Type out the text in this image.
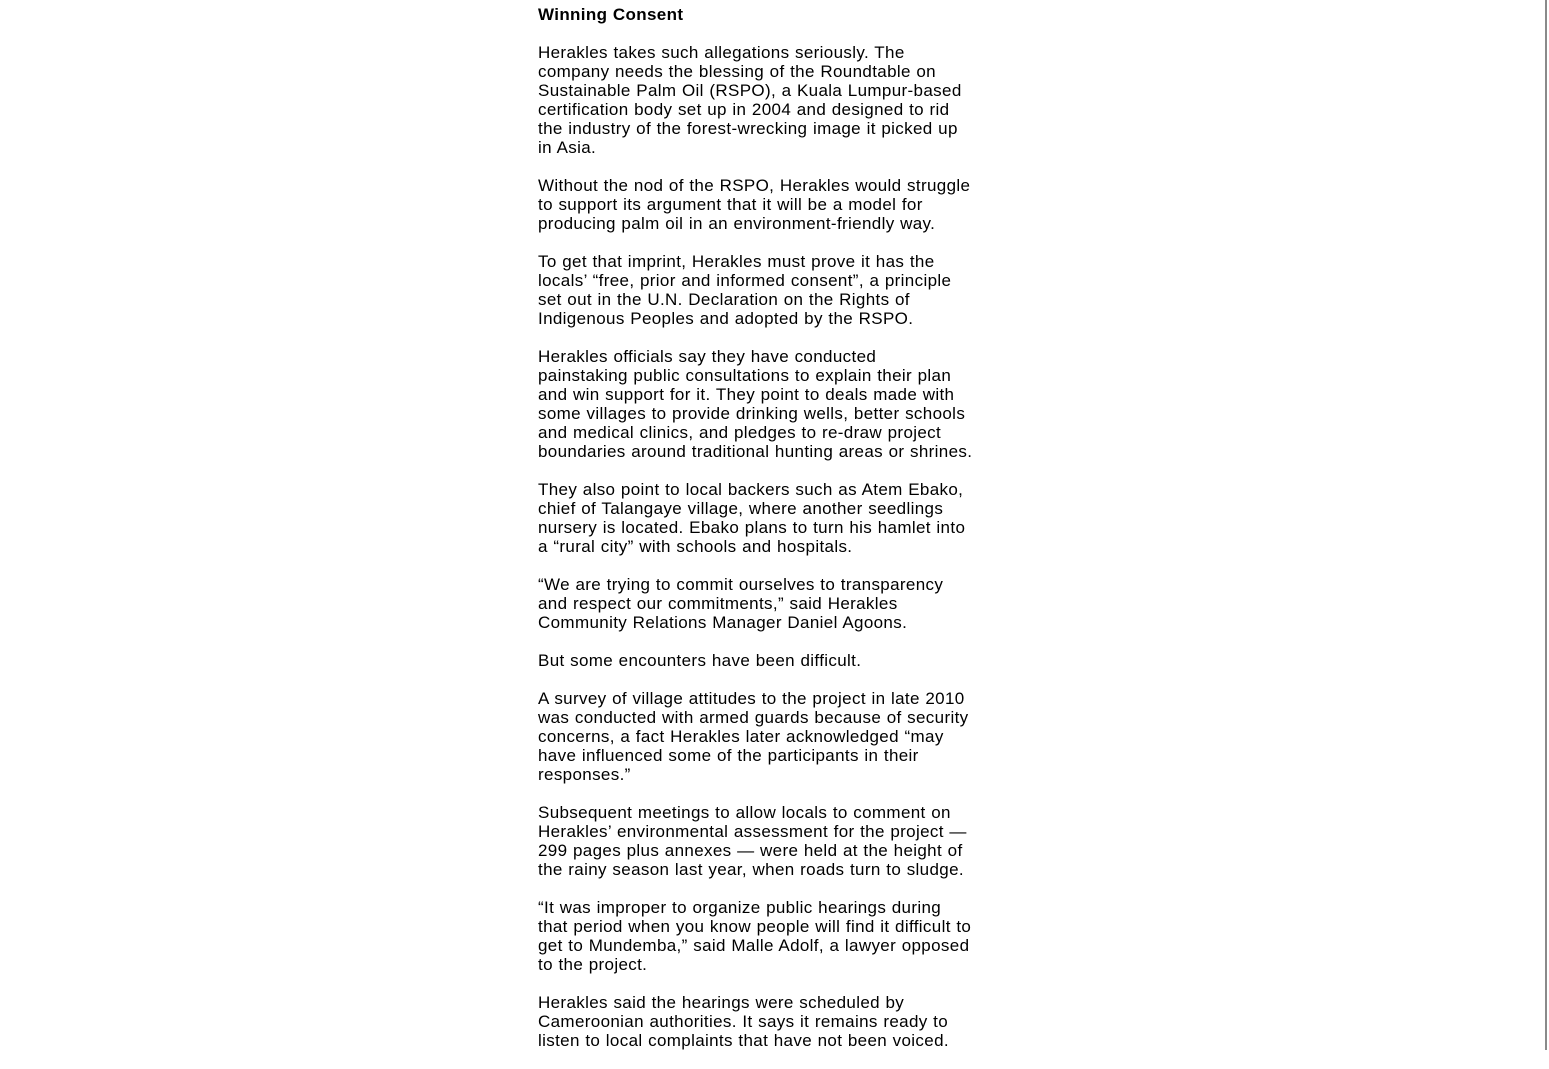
Winning Consent
Herakles takes such allegations seriously. The
company needs the blessing of the Roundtable on
Sustainable Palm Oil (RSPO), a Kuala Lumpur-based
certification body set up in 2004 and designed to rid
the industry of the forest-wrecking image it picked up
in Asia.
Without the nod of the RSPO, Herakles would struggle
to support its argument that it will be a model for
producing palm oil in an environment-friendly way.
To get that imprint, Herakles must prove it has the
locals’ “free, prior and informed consent”, a principle
set out in the U.N. Declaration on the Rights of
Indigenous Peoples and adopted by the RSPO.
Herakles officials say they have conducted
painstaking public consultations to explain their plan
and win support for it. They point to deals made with
some villages to provide drinking wells, better schools
and medical clinics, and pledges to re-draw project
boundaries around traditional hunting areas or shrines.
They also point to local backers such as Atem Ebako,
chief of Talangaye village, where another seedlings
nursery is located. Ebako plans to turn his hamlet into
a “rural city” with schools and hospitals.
“We are trying to commit ourselves to transparency
and respect our commitments,” said Herakles
Community Relations Manager Daniel Agoons.
But some encounters have been difficult.
A survey of village attitudes to the project in late 2010
was conducted with armed guards because of security
concerns, a fact Herakles later acknowledged “may
have influenced some of the participants in their
responses.”
Subsequent meetings to allow locals to comment on
Herakles’ environmental assessment for the project —
299 pages plus annexes — were held at the height of
the rainy season last year, when roads turn to sludge.
“It was improper to organize public hearings during
that period when you know people will find it difficult to
get to Mundemba,” said Malle Adolf, a lawyer opposed
to the project.
Herakles said the hearings were scheduled by
Cameroonian authorities. It says it remains ready to
listen to local complaints that have not been voiced.
